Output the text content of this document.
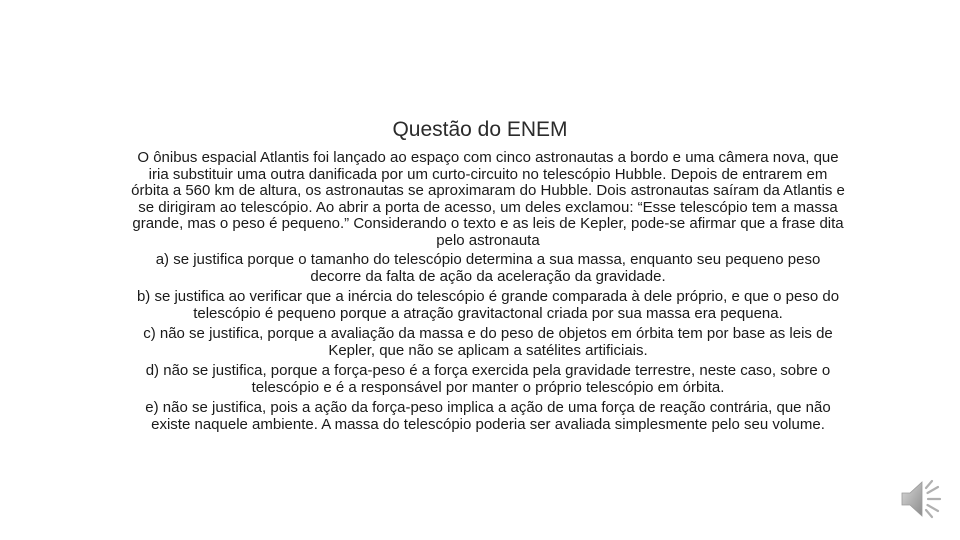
Questão do ENEM

O ônibus espacial Atlantis foi lançado ao espaço com cinco astronautas a bordo e uma câmera nova, que iria substituir uma outra danificada por um curto-circuito no telescópio Hubble. Depois de entrarem em órbita a 560 km de altura, os astronautas se aproximaram do Hubble. Dois astronautas saíram da Atlantis e se dirigiram ao telescópio. Ao abrir a porta de acesso, um deles exclamou: “Esse telescópio tem a massa grande, mas o peso é pequeno.” Considerando o texto e as leis de Kepler, pode-se afirmar que a frase dita pelo astronauta

a) se justifica porque o tamanho do telescópio determina a sua massa, enquanto seu pequeno peso decorre da falta de ação da aceleração da gravidade.

b) se justifica ao verificar que a inércia do telescópio é grande comparada à dele próprio, e que o peso do telescópio é pequeno porque a atração gravitactonal criada por sua massa era pequena.

c) não se justifica, porque a avaliação da massa e do peso de objetos em órbita tem por base as leis de Kepler, que não se aplicam a satélites artificiais.

d) não se justifica, porque a força-peso é a força exercida pela gravidade terrestre, neste caso, sobre o telescópio e é a responsável por manter o próprio telescópio em órbita.

e) não se justifica, pois a ação da força-peso implica a ação de uma força de reação contrária, que não existe naquele ambiente. A massa do telescópio poderia ser avaliada simplesmente pelo seu volume.
